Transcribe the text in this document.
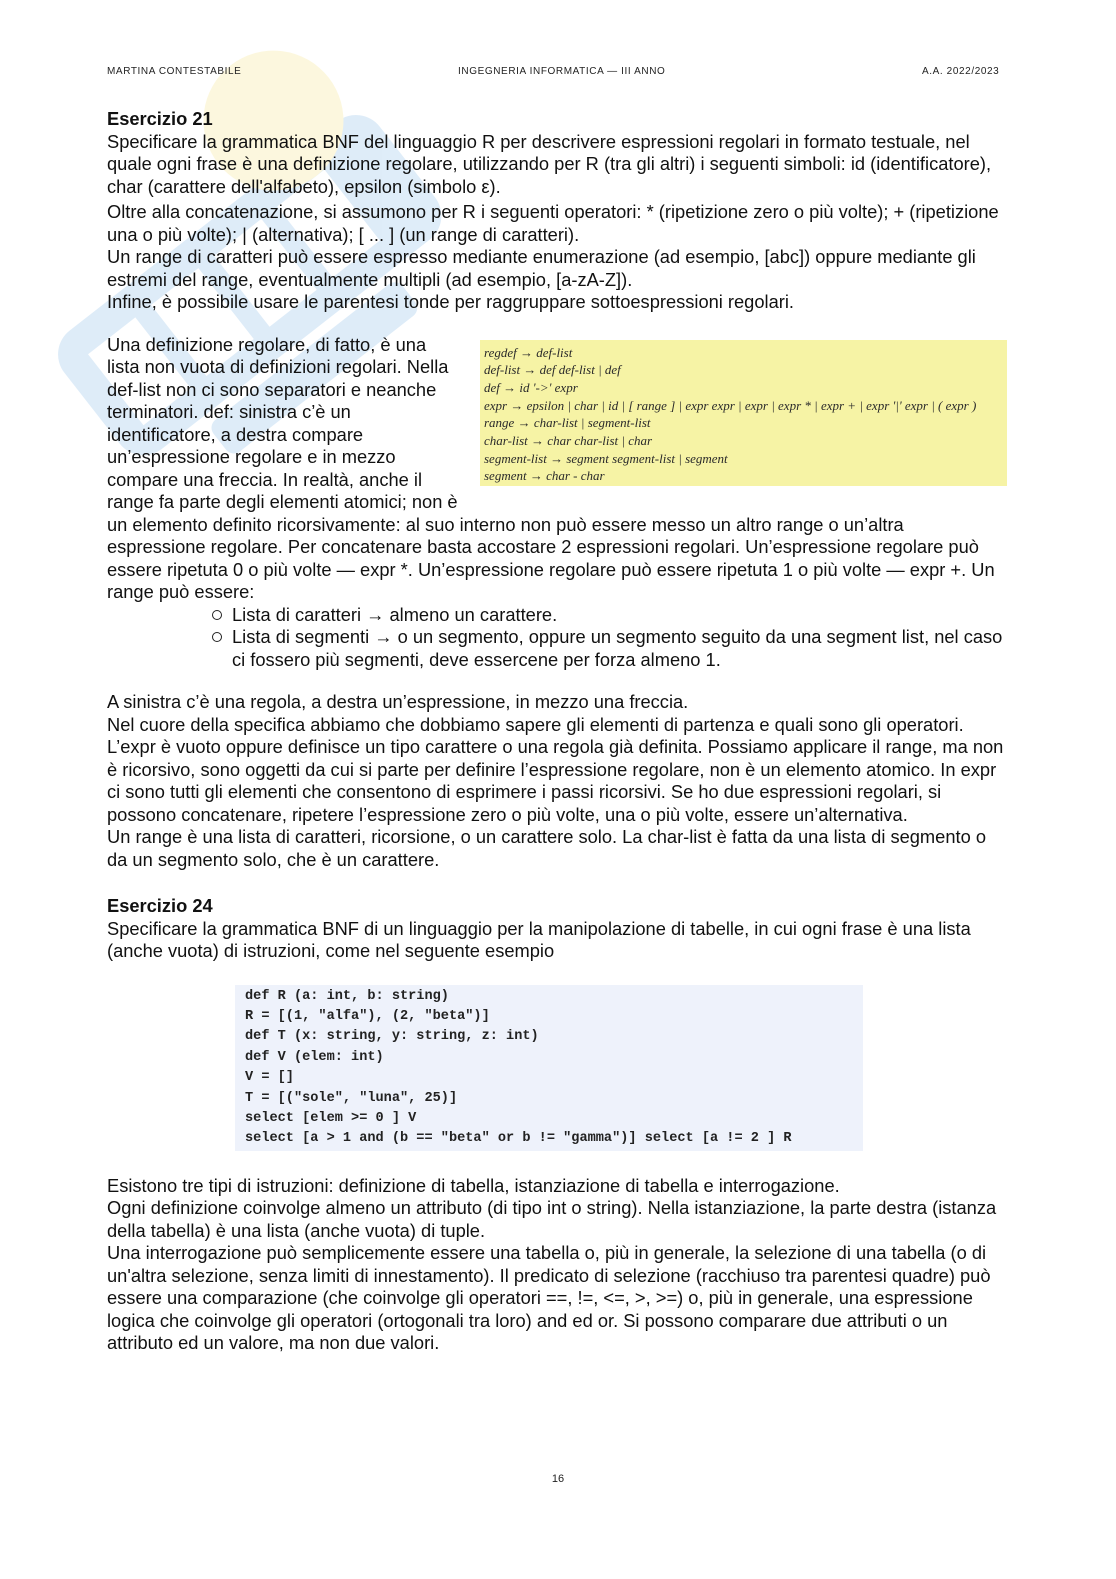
MARTINA CONTESTABILE	INGEGNERIA INFORMATICA — III ANNO	A.A. 2022/2023
Esercizio 21

Specificare la grammatica BNF del linguaggio R per descrivere espressioni regolari in formato testuale, nel quale ogni frase è una definizione regolare, utilizzando per R (tra gli altri) i seguenti simboli: id (identificatore), char (carattere dell'alfabeto), epsilon (simbolo ε).

Oltre alla concatenazione, si assumono per R i seguenti operatori: * (ripetizione zero o più volte); + (ripetizione una o più volte); | (alternativa); [ ... ] (un range di caratteri).

Un range di caratteri può essere espresso mediante enumerazione (ad esempio, [abc]) oppure mediante gli estremi del range, eventualmente multipli (ad esempio, [a-zA-Z]).

Infine, è possibile usare le parentesi tonde per raggruppare sottoespressioni regolari.

regdef → def-list
def-list → def def-list | def
def → id '->' expr
expr → epsilon | char | id | [ range ] | expr expr | expr | expr * | expr + | expr '|' expr | ( expr )
range → char-list | segment-list
char-list → char char-list | char
segment-list → segment segment-list | segment
segment → char - char

Una definizione regolare, di fatto, è una lista non vuota di definizioni regolari. Nella def-list non ci sono separatori e neanche terminatori. def: sinistra c’è un identificatore, a destra compare un’espressione regolare e in mezzo compare una freccia. In realtà, anche il range fa parte degli elementi atomici; non è un elemento definito ricorsivamente: al suo interno non può essere messo un altro range o un’altra espressione regolare. Per concatenare basta accostare 2 espressioni regolari. Un’espressione regolare può essere ripetuta 0 o più volte — expr *. Un’espressione regolare può essere ripetuta 1 o più volte — expr +. Un range può essere:

Lista di caratteri → almeno un carattere.
Lista di segmenti → o un segmento, oppure un segmento seguito da una segment list, nel caso ci fossero più segmenti, deve essercene per forza almeno 1.

A sinistra c’è una regola, a destra un’espressione, in mezzo una freccia.

Nel cuore della specifica abbiamo che dobbiamo sapere gli elementi di partenza e quali sono gli operatori. L’expr è vuoto oppure definisce un tipo carattere o una regola già definita. Possiamo applicare il range, ma non è ricorsivo, sono oggetti da cui si parte per definire l’espressione regolare, non è un elemento atomico. In expr ci sono tutti gli elementi che consentono di esprimere i passi ricorsivi. Se ho due espressioni regolari, si possono concatenare, ripetere l’espressione zero o più volte, una o più volte, essere un’alternativa.

Un range è una lista di caratteri, ricorsione, o un carattere solo. La char-list è fatta da una lista di segmento o da un segmento solo, che è un carattere.

Esercizio 24

Specificare la grammatica BNF di un linguaggio per la manipolazione di tabelle, in cui ogni frase è una lista (anche vuota) di istruzioni, come nel seguente esempio

def R (a: int, b: string)
R = [(1, "alfa"), (2, "beta")]
def T (x: string, y: string, z: int)
def V (elem: int)
V = []
T = [("sole", "luna", 25)]
select [elem >= 0 ] V
select [a > 1 and (b == "beta" or b != "gamma")] select [a != 2 ] R

Esistono tre tipi di istruzioni: definizione di tabella, istanziazione di tabella e interrogazione.

Ogni definizione coinvolge almeno un attributo (di tipo int o string). Nella istanziazione, la parte destra (istanza della tabella) è una lista (anche vuota) di tuple.

Una interrogazione può semplicemente essere una tabella o, più in generale, la selezione di una tabella (o di un'altra selezione, senza limiti di innestamento). Il predicato di selezione (racchiuso tra parentesi quadre) può essere una comparazione (che coinvolge gli operatori ==, !=, <=, >, >=) o, più in generale, una espressione logica che coinvolge gli operatori (ortogonali tra loro) and ed or. Si possono comparare due attributi o un attributo ed un valore, ma non due valori.

16
